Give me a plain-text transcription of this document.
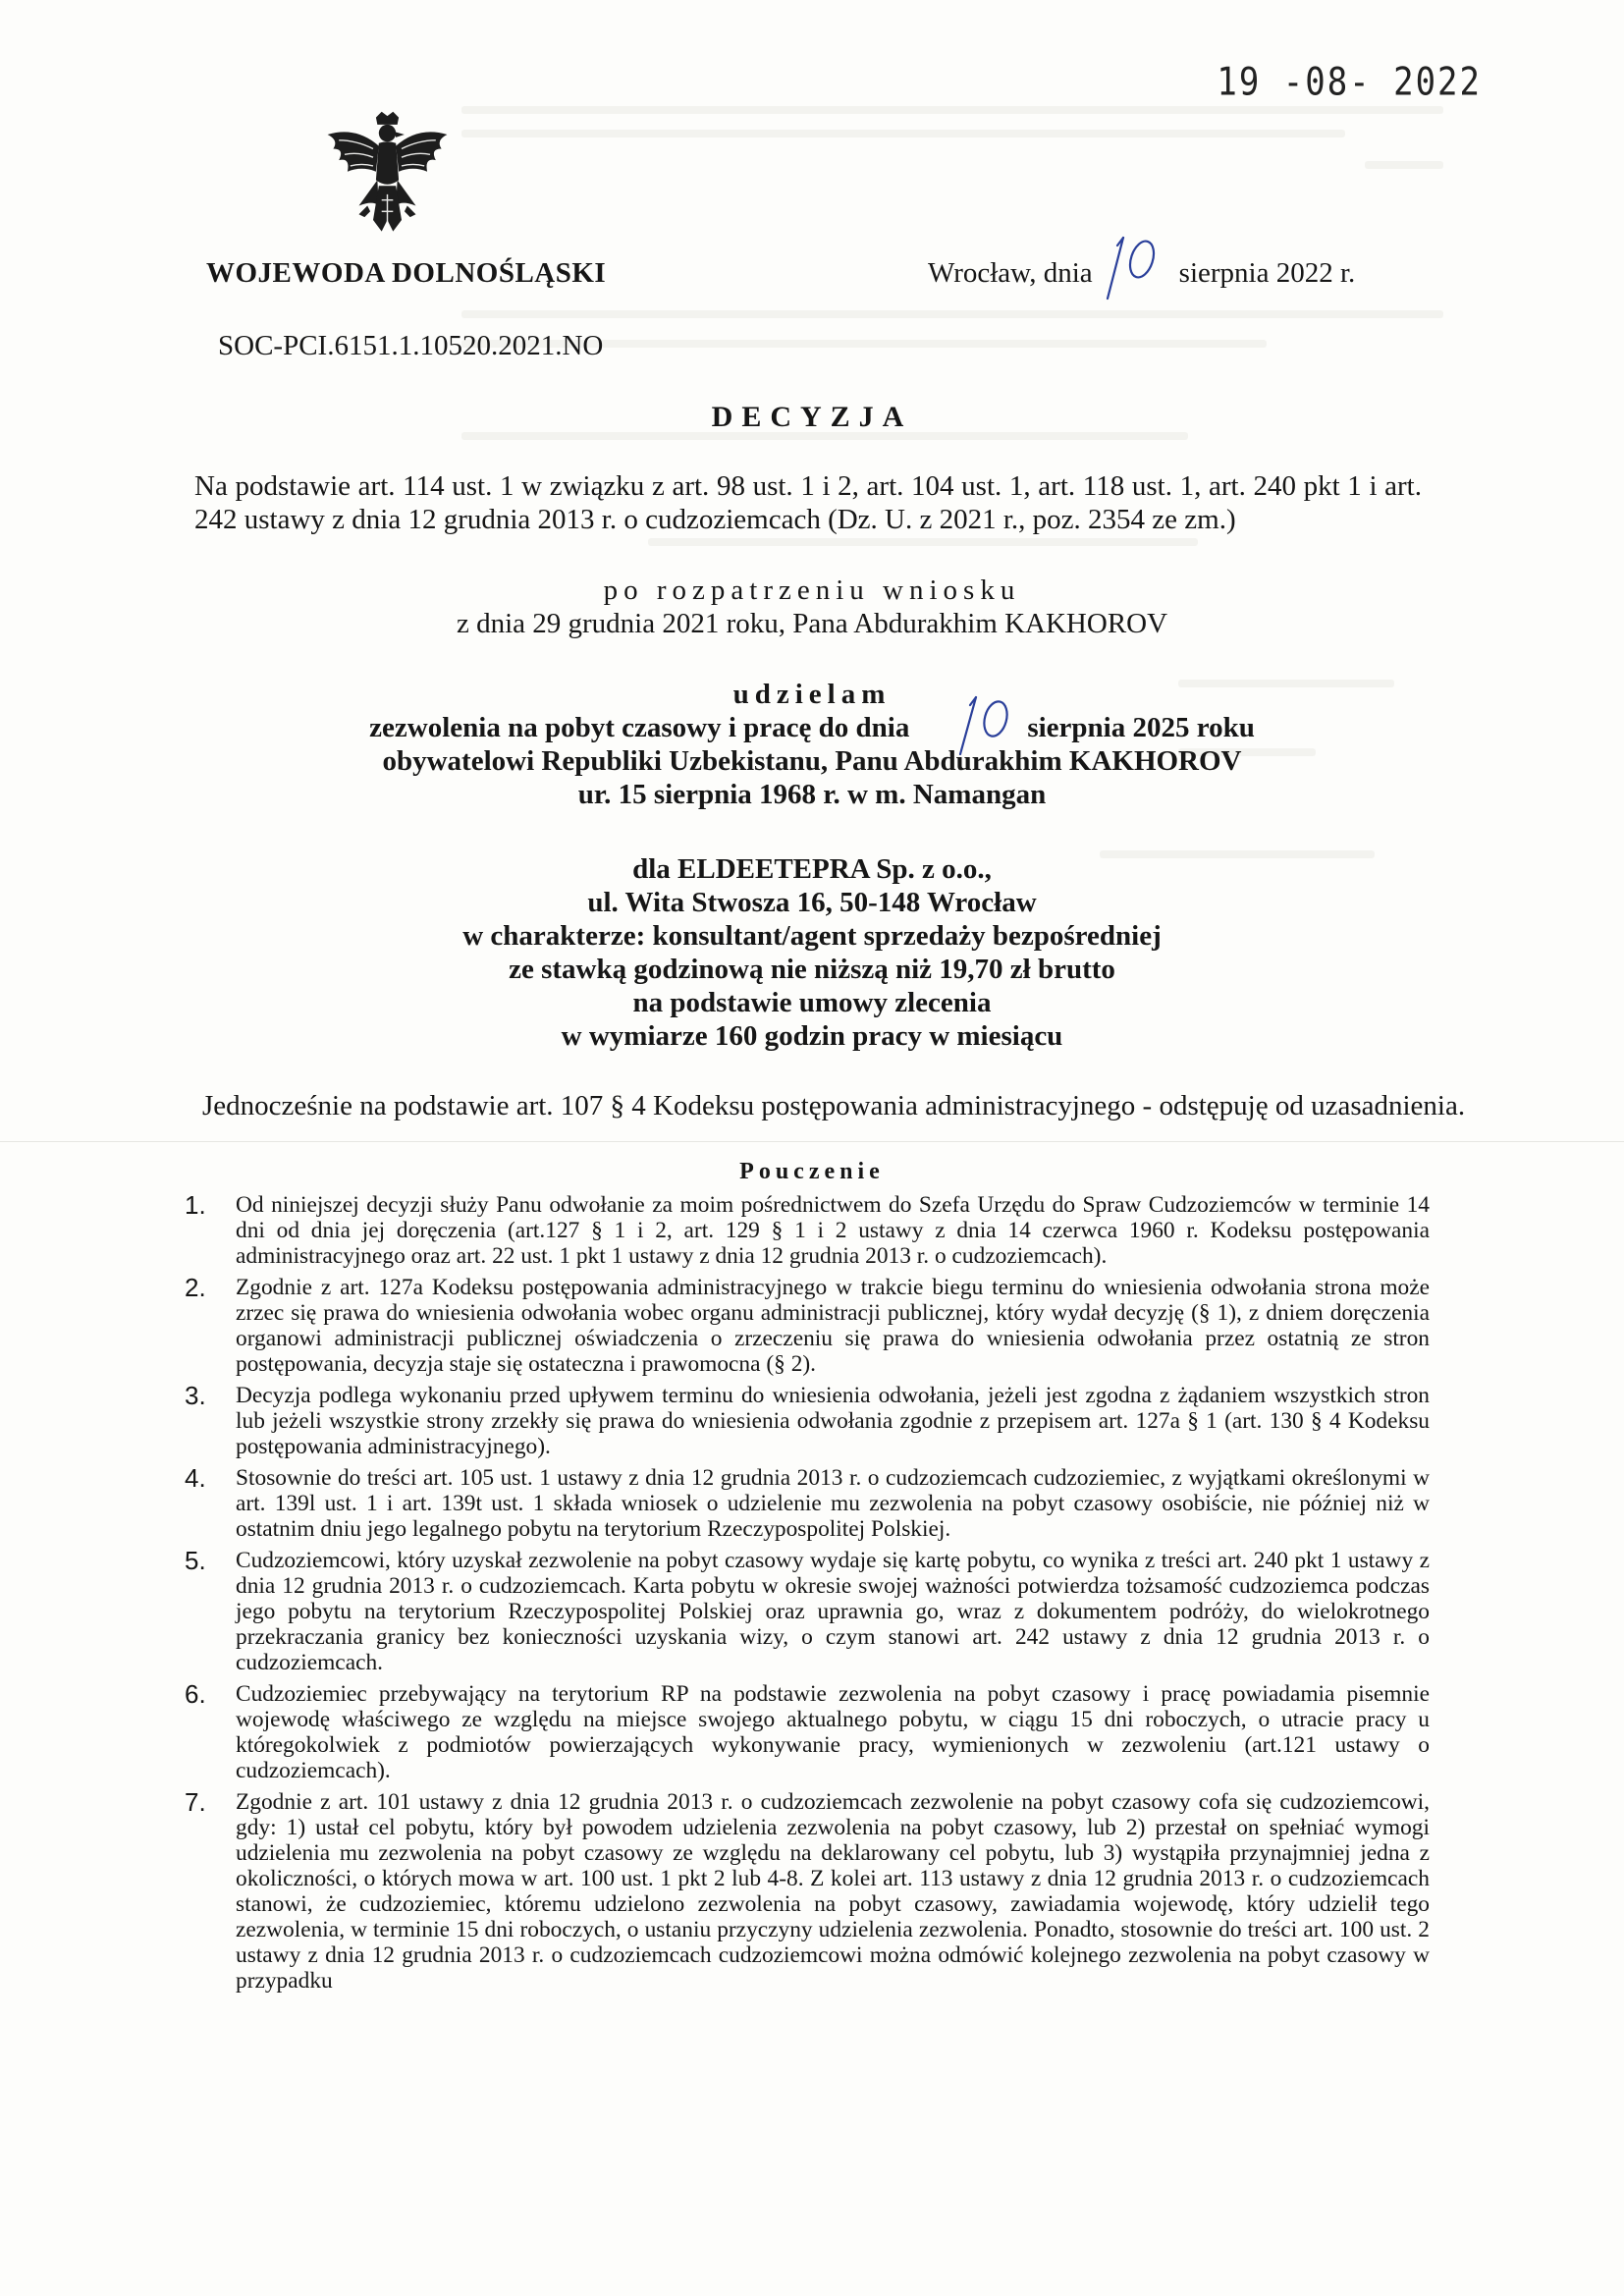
19 -08- 2022
WOJEWODA DOLNOŚLĄSKI
SOC-PCI.6151.1.10520.2021.NO
Wrocław, dnia	sierpnia 2022 r.
10
DECYZJA
Na podstawie art. 114 ust. 1 w związku z art. 98 ust. 1 i 2, art. 104 ust. 1, art. 118 ust. 1, art. 240 pkt 1 i art. 242 ustawy z dnia 12 grudnia 2013 r. o cudzoziemcach (Dz. U. z 2021 r., poz. 2354 ze zm.)
po rozpatrzeniu wniosku
z dnia 29 grudnia 2021 roku, Pana Abdurakhim KAKHOROV
udzielam
zezwolenia na pobyt czasowy i pracę do dnia	sierpnia 2025 roku
obywatelowi Republiki Uzbekistanu, Panu Abdurakhim KAKHOROV
ur. 15 sierpnia 1968 r. w m. Namangan
10
dla ELDEETEPRA Sp. z o.o.,
ul. Wita Stwosza 16, 50-148 Wrocław
w charakterze: konsultant/agent sprzedaży bezpośredniej
ze stawką godzinową nie niższą niż 19,70 zł brutto
na podstawie umowy zlecenia
w wymiarze 160 godzin pracy w miesiącu
Jednocześnie na podstawie art. 107 § 4 Kodeksu postępowania administracyjnego - odstępuję od uzasadnienia.
Pouczenie
1. Od niniejszej decyzji służy Panu odwołanie za moim pośrednictwem do Szefa Urzędu do Spraw Cudzoziemców w terminie 14 dni od dnia jej doręczenia (art.127 § 1 i 2, art. 129 § 1 i 2 ustawy z dnia 14 czerwca 1960 r. Kodeksu postępowania administracyjnego oraz art. 22 ust. 1 pkt 1 ustawy z dnia 12 grudnia 2013 r. o cudzoziemcach).
2. Zgodnie z art. 127a Kodeksu postępowania administracyjnego w trakcie biegu terminu do wniesienia odwołania strona może zrzec się prawa do wniesienia odwołania wobec organu administracji publicznej, który wydał decyzję (§ 1), z dniem doręczenia organowi administracji publicznej oświadczenia o zrzeczeniu się prawa do wniesienia odwołania przez ostatnią ze stron postępowania, decyzja staje się ostateczna i prawomocna (§ 2).
3. Decyzja podlega wykonaniu przed upływem terminu do wniesienia odwołania, jeżeli jest zgodna z żądaniem wszystkich stron lub jeżeli wszystkie strony zrzekły się prawa do wniesienia odwołania zgodnie z przepisem art. 127a § 1 (art. 130 § 4 Kodeksu postępowania administracyjnego).
4. Stosownie do treści art. 105 ust. 1 ustawy z dnia 12 grudnia 2013 r. o cudzoziemcach cudzoziemiec, z wyjątkami określonymi w art. 139l ust. 1 i art. 139t ust. 1 składa wniosek o udzielenie mu zezwolenia na pobyt czasowy osobiście, nie później niż w ostatnim dniu jego legalnego pobytu na terytorium Rzeczypospolitej Polskiej.
5. Cudzoziemcowi, który uzyskał zezwolenie na pobyt czasowy wydaje się kartę pobytu, co wynika z treści art. 240 pkt 1 ustawy z dnia 12 grudnia 2013 r. o cudzoziemcach. Karta pobytu w okresie swojej ważności potwierdza tożsamość cudzoziemca podczas jego pobytu na terytorium Rzeczypospolitej Polskiej oraz uprawnia go, wraz z dokumentem podróży, do wielokrotnego przekraczania granicy bez konieczności uzyskania wizy, o czym stanowi art. 242 ustawy z dnia 12 grudnia 2013 r. o cudzoziemcach.
6. Cudzoziemiec przebywający na terytorium RP na podstawie zezwolenia na pobyt czasowy i pracę powiadamia pisemnie wojewodę właściwego ze względu na miejsce swojego aktualnego pobytu, w ciągu 15 dni roboczych, o utracie pracy u któregokolwiek z podmiotów powierzających wykonywanie pracy, wymienionych w zezwoleniu (art.121 ustawy o cudzoziemcach).
7. Zgodnie z art. 101 ustawy z dnia 12 grudnia 2013 r. o cudzoziemcach zezwolenie na pobyt czasowy cofa się cudzoziemcowi, gdy: 1) ustał cel pobytu, który był powodem udzielenia zezwolenia na pobyt czasowy, lub 2) przestał on spełniać wymogi udzielenia mu zezwolenia na pobyt czasowy ze względu na deklarowany cel pobytu, lub 3) wystąpiła przynajmniej jedna z okoliczności, o których mowa w art. 100 ust. 1 pkt 2 lub 4-8. Z kolei art. 113 ustawy z dnia 12 grudnia 2013 r. o cudzoziemcach stanowi, że cudzoziemiec, któremu udzielono zezwolenia na pobyt czasowy, zawiadamia wojewodę, który udzielił tego zezwolenia, w terminie 15 dni roboczych, o ustaniu przyczyny udzielenia zezwolenia. Ponadto, stosownie do treści art. 100 ust. 2 ustawy z dnia 12 grudnia 2013 r. o cudzoziemcach cudzoziemcowi można odmówić kolejnego zezwolenia na pobyt czasowy w przypadku
